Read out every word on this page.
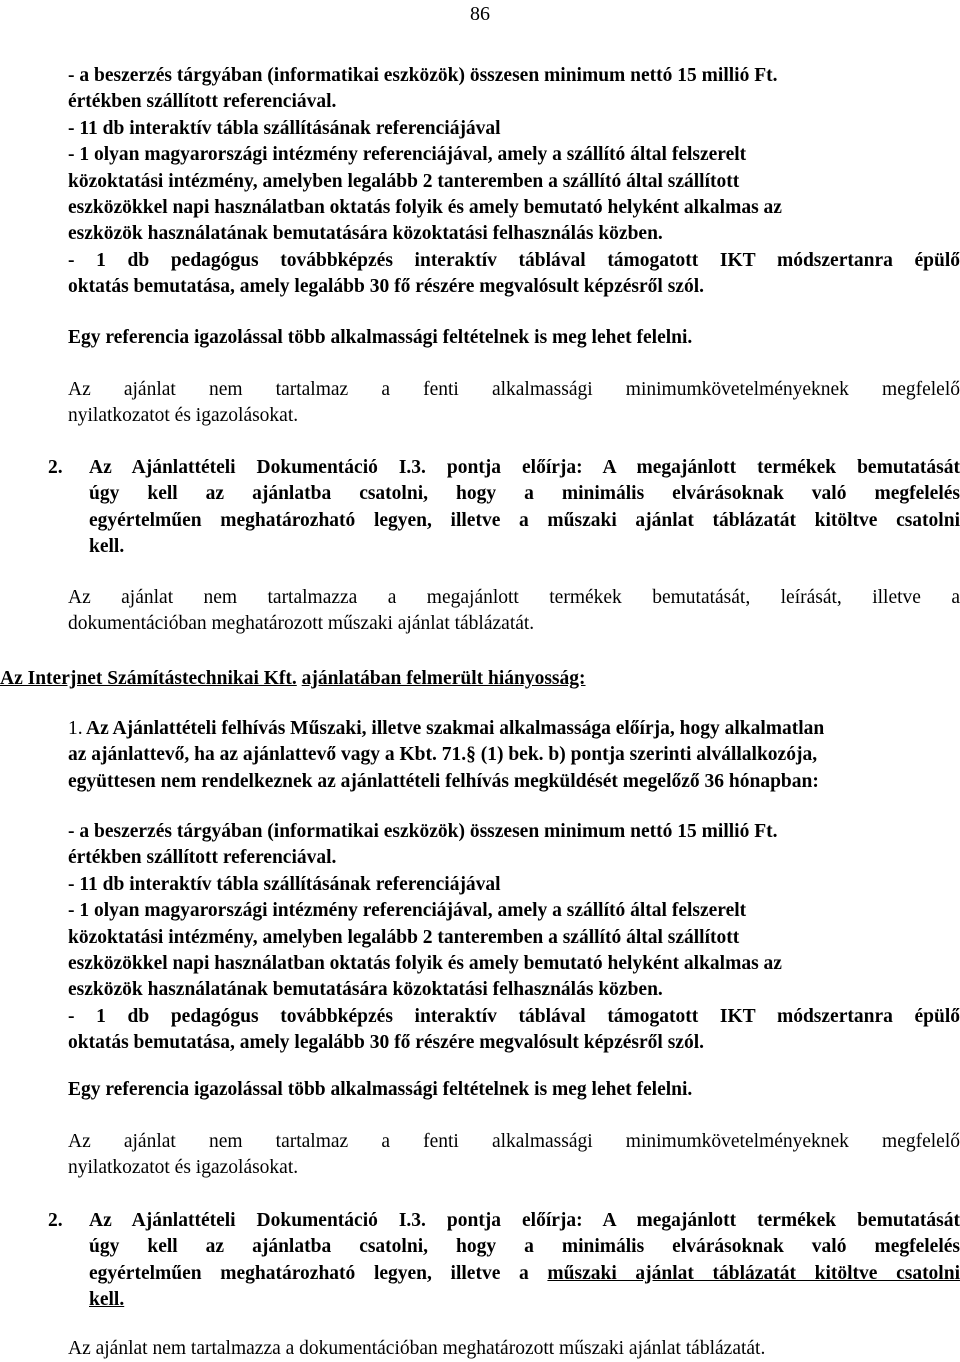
86
- a beszerzés tárgyában (informatikai eszközök) összesen minimum nettó 15 millió Ft.
értékben szállított referenciával.
- 11 db interaktív tábla szállításának referenciájával
- 1 olyan magyarországi intézmény referenciájával, amely a szállító által felszerelt
közoktatási intézmény, amelyben legalább 2 tanteremben a szállító által szállított
eszközökkel napi használatban oktatás folyik és amely bemutató helyként alkalmas az
eszközök használatának bemutatására közoktatási felhasználás közben.
- 1 db pedagógus továbbképzés interaktív táblával támogatott IKT módszertanra épülő
oktatás bemutatása, amely legalább 30 fő részére megvalósult képzésről szól.
Egy referencia igazolással több alkalmassági feltételnek is meg lehet felelni.
Az ajánlat nem tartalmaz a fenti alkalmassági minimumkövetelményeknek megfelelő
nyilatkozatot és igazolásokat.
2. Az Ajánlattételi Dokumentáció I.3. pontja előírja: A megajánlott termékek bemutatását
úgy kell az ajánlatba csatolni, hogy a minimális elvárásoknak való megfelelés
egyértelműen meghatározható legyen, illetve a műszaki ajánlat táblázatát kitöltve csatolni
kell.
Az ajánlat nem tartalmazza a megajánlott termékek bemutatását, leírását, illetve a
dokumentációban meghatározott műszaki ajánlat táblázatát.
Az Interjnet Számítástechnikai Kft. ajánlatában felmerült hiányosság:
1. Az Ajánlattételi felhívás Műszaki, illetve szakmai alkalmassága előírja, hogy alkalmatlan
az ajánlattevő, ha az ajánlattevő vagy a Kbt. 71.§ (1) bek. b) pontja szerinti alvállalkozója,
együttesen nem rendelkeznek az ajánlattételi felhívás megküldését megelőző 36 hónapban:
- a beszerzés tárgyában (informatikai eszközök) összesen minimum nettó 15 millió Ft.
értékben szállított referenciával.
- 11 db interaktív tábla szállításának referenciájával
- 1 olyan magyarországi intézmény referenciájával, amely a szállító által felszerelt
közoktatási intézmény, amelyben legalább 2 tanteremben a szállító által szállított
eszközökkel napi használatban oktatás folyik és amely bemutató helyként alkalmas az
eszközök használatának bemutatására közoktatási felhasználás közben.
- 1 db pedagógus továbbképzés interaktív táblával támogatott IKT módszertanra épülő
oktatás bemutatása, amely legalább 30 fő részére megvalósult képzésről szól.
Egy referencia igazolással több alkalmassági feltételnek is meg lehet felelni.
Az ajánlat nem tartalmaz a fenti alkalmassági minimumkövetelményeknek megfelelő
nyilatkozatot és igazolásokat.
2. Az Ajánlattételi Dokumentáció I.3. pontja előírja: A megajánlott termékek bemutatását
úgy kell az ajánlatba csatolni, hogy a minimális elvárásoknak való megfelelés
egyértelműen meghatározható legyen, illetve a műszaki ajánlat táblázatát kitöltve csatolni
kell.
Az ajánlat nem tartalmazza a dokumentációban meghatározott műszaki ajánlat táblázatát.
